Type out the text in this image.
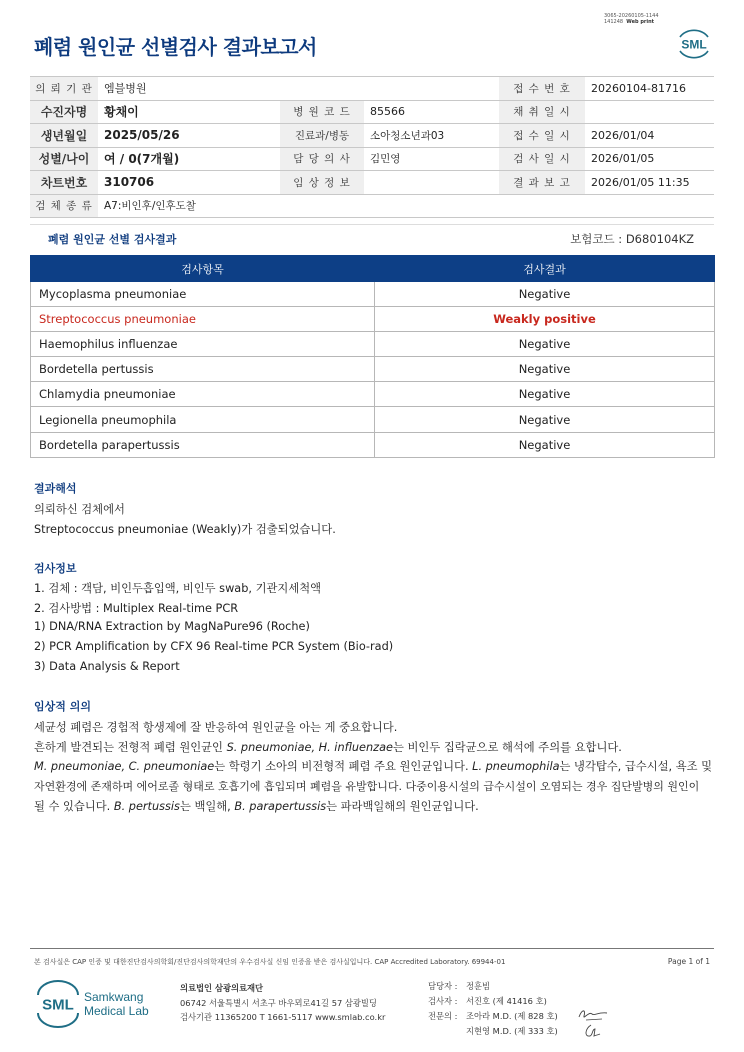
3065-20260105-1144
141248 Web print
폐렴 원인균 선별검사 결과보고서	SML
의 뢰 기 관	엠블병원			접 수 번 호	20260104-81716
수진자명	황채이	병 원 코 드	85566	채 취 일 시	
생년월일	2025/05/26	진료과/병동	소아청소년과03	접 수 일 시	2026/01/04
성별/나이	여 / 0(7개월)	담 당 의 사	김민영	검 사 일 시	2026/01/05
차트번호	310706	임 상 정 보		결 과 보 고	2026/01/05 11:35
검 체 종 류	A7:비인후/인후도찰				
폐렴 원인균 선별 검사결과	보험코드 : D680104KZ
검사항목	검사결과
Mycoplasma pneumoniae	Negative
Streptococcus pneumoniae	Weakly positive
Haemophilus influenzae	Negative
Bordetella pertussis	Negative
Chlamydia pneumoniae	Negative
Legionella pneumophila	Negative
Bordetella parapertussis	Negative
결과해석
의뢰하신 검체에서
Streptococcus pneumoniae (Weakly)가 검출되었습니다.
검사정보
1. 검체 : 객담, 비인두흡입액, 비인두 swab, 기관지세척액
2. 검사방법 : Multiplex Real-time PCR
1) DNA/RNA Extraction by MagNaPure96 (Roche)
2) PCR Amplification by CFX 96 Real-time PCR System (Bio-rad)
3) Data Analysis & Report
임상적 의의
세균성 폐렴은 경험적 항생제에 잘 반응하여 원인균을 아는 게 중요합니다.
흔하게 발견되는 전형적 폐렴 원인균인 S. pneumoniae, H. influenzae는 비인두 집락균으로 해석에 주의를 요합니다.
M. pneumoniae, C. pneumoniae는 학령기 소아의 비전형적 폐렴 주요 원인균입니다. L. pneumophila는 냉각탑수, 급수시설, 욕조 및
자연환경에 존재하며 에어로졸 형태로 호흡기에 흡입되며 폐렴을 유발합니다. 다중이용시설의 급수시설이 오염되는 경우 집단발병의 원인이
될 수 있습니다. B. pertussis는 백일해, B. parapertussis는 파라백일해의 원인균입니다.
본 검사실은 CAP 인증 및 대한진단검사의학회/진단검사의학재단의 우수검사실 신임 인증을 받은 검사실입니다. CAP Accredited Laboratory. 69944-01	Page 1 of 1
SML Samkwang
Medical Lab
의료법인 삼광의료재단
06742 서울특별시 서초구 바우뫼로41길 57 삼광빌딩
검사기관 11365200 T 1661-5117 www.smlab.co.kr
담당자 : 정훈빔
검사자 : 서진호 (제 41416 호)
전문의 : 조아라 M.D. (제 828 호)
지현영 M.D. (제 333 호)
